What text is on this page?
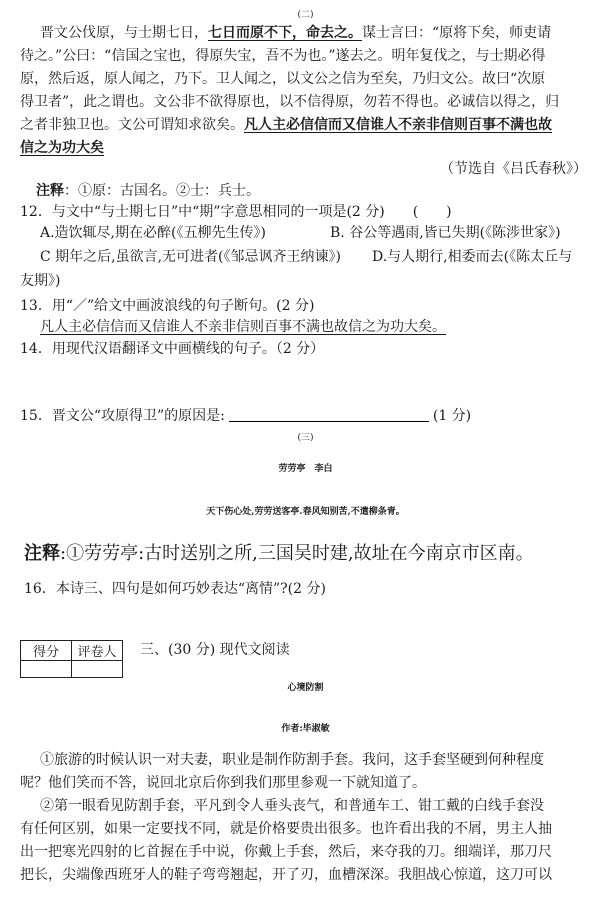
(二)
晋文公伐原，与士期七日，七日而原不下，命去之。谋士言曰：“原将下矣，师吏请
待之。”公曰：“信国之宝也，得原失宝，吾不为也。”遂去之。明年复伐之，与士期必得
原，然后返，原人闻之，乃下。卫人闻之，以文公之信为至矣，乃归文公。故曰“次原
得卫者”，此之谓也。文公非不欲得原也，以不信得原，勿若不得也。必诚信以得之，归
之者非独卫也。文公可谓知求欲矣。凡人主必信信而又信谁人不亲非信则百事不满也故
信之为功大矣
（节选自《吕氏春秋》）
注释：①原：古国名。②士：兵士。
12．与文中“与士期七日”中“期”字意思相同的一项是(2 分)　　(　　)
A.造饮辄尽,期在必醉(《五柳先生传》)	B. 谷公等遇雨,皆已失期(《陈涉世家》)
C 期年之后,虽欲言,无可进者(《邹忌讽齐王纳谏》) D.与人期行,相委而去(《陈太丘与
友期》)
13．用“／”给文中画波浪线的句子断句。(2 分)
凡人主必信信而又信谁人不亲非信则百事不满也故信之为功大矣。
14．用现代汉语翻译文中画横线的句子。（2 分）
15．晋文公“攻原得卫”的原因是:	(1 分)
(三)
劳劳亭　李白
天下伤心处,劳劳送客亭.春风知别苦,不遣柳条青。
注释:①劳劳亭:古时送别之所,三国吴时建,故址在今南京市区南。
16．本诗三、四句是如何巧妙表达“离情”?(2 分)
得分	评卷人
	三、(30 分) 现代文阅读
心境防割
作者:毕淑敏
①旅游的时候认识一对夫妻，职业是制作防割手套。我问，这手套坚硬到何种程度
呢？他们笑而不答，说回北京后你到我们那里参观一下就知道了。
②第一眼看见防割手套，平凡到令人垂头丧气，和普通车工、钳工戴的白线手套没
有任何区别，如果一定要找不同，就是价格要贵出很多。也许看出我的不屑，男主人抽
出一把寒光四射的匕首握在手中说，你戴上手套，然后，来夺我的刀。细端详，那刀尺
把长，尖端像西班牙人的鞋子弯弯翘起，开了刃，血槽深深。我胆战心惊道，这刀可以
